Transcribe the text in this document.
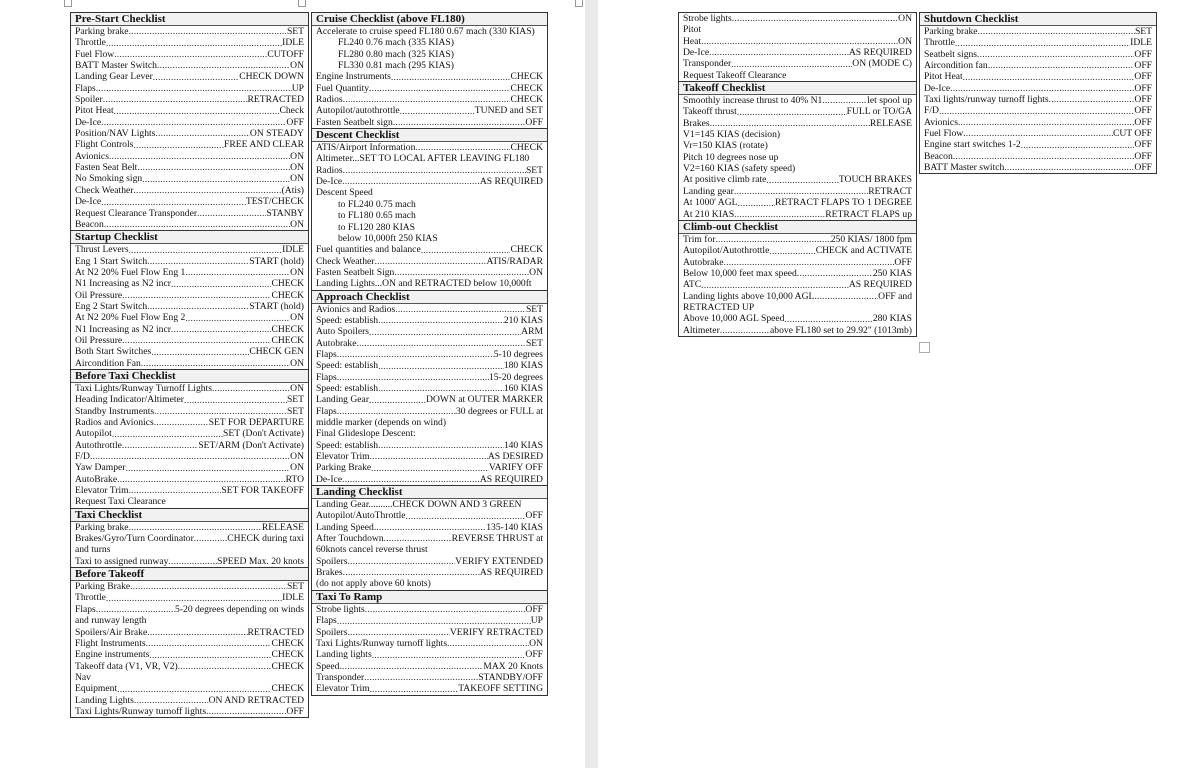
Pre-Start Checklist
Parking brake .....	SET
Throttle .....	IDLE
Fuel Flow .....	CUTOFF
BATT Master Switch .....	ON
Landing Gear Lever .....	CHECK DOWN
Flaps .....	UP
Spoiler .....	RETRACTED
Pitot Heat .....	Check
De-Ice .....	OFF
Position/NAV Lights .....	ON STEADY
Flight Controls .....	FREE AND CLEAR
Avionics .....	ON
Fasten Seat Belt .....	ON
No Smoking sign .....	ON
Check Weather .....	(Atis)
De-Ice .....	TEST/CHECK
Request Clearance Transponder .....	STANBY
Beacon .....	ON
Startup Checklist
Thrust Levers .....	IDLE
Eng 1 Start Switch .....	START (hold)
At N2 20% Fuel Flow Eng 1 .....	ON
N1 Increasing as N2 incr .....	CHECK
Oil Pressure .....	CHECK
Eng 2 Start Switch .....	START (hold)
At N2 20% Fuel Flow Eng 2 .....	ON
N1 Increasing as N2 incr .....	CHECK
Oil Pressure .....	CHECK
Both Start Switches .....	CHECK GEN
Aircondition Fan .....	ON
Before Taxi Checklist
Taxi Lights/Runway Turnoff Lights .....	ON
Heading Indicator/Altimeter .....	SET
Standby Instruments .....	SET
Radios and Avionics .....	SET FOR DEPARTURE
Autopilot .....	SET (Don't Activate)
Autothrottle .....	SET/ARM (Don't Activate)
F/D .....	ON
Yaw Damper .....	ON
AutoBrake .....	RTO
Elevator Trim .....	SET FOR TAKEOFF
Request Taxi Clearance
Taxi Checklist
Parking brake .....	RELEASE
Brakes/Gyro/Turn Coordinator .....	CHECK during taxi
and turns
Taxi to assigned runway .....	SPEED Max. 20 knots
Before Takeoff
Parking Brake .....	SET
Throttle .....	IDLE
Flaps .....	5-20 degrees depending on winds
and runway length
Spoilers/Air Brake .....	RETRACTED
Flight Instruments .....	CHECK
Engine instruments .....	CHECK
Takeoff data (V1, VR, V2) .....	CHECK
Nav
Equipment .....	CHECK
Landing Lights .....	ON AND RETRACTED
Taxi Lights/Runway turnoff lights .....	OFF
Cruise Checklist (above FL180)
Accelerate to cruise speed FL180 0.67 mach (330 KIAS)
FL240 0.76 mach (335 KIAS)
FL280 0.80 mach (325 KIAS)
FL330 0.81 mach (295 KIAS)
Engine Instruments .....	CHECK
Fuel Quantity .....	CHECK
Radios .....	CHECK
Autopilot/autothrottle .....	TUNED and SET
Fasten Seatbelt sign .....	OFF
Descent Checklist
ATIS/Airport Information .....	CHECK
Altimeter...SET TO LOCAL AFTER LEAVING FL180
Radios .....	SET
De-Ice .....	AS REQUIRED
Descent Speed
to FL240 0.75 mach
to FL180 0.65 mach
to FL120 280 KIAS
below 10,000ft 250 KIAS
Fuel quantities and balance .....	CHECK
Check Weather .....	ATIS/RADAR
Fasten Seatbelt Sign .....	ON
Landing Lights...ON and RETRACTED below 10,000ft
Approach Checklist
Avionics and Radios .....	SET
Speed: establish .....	210 KIAS
Auto Spoilers .....	ARM
Autobrake .....	SET
Flaps .....	5-10 degrees
Speed: establish .....	180 KIAS
Flaps .....	15-20 degrees
Speed: establish .....	160 KIAS
Landing Gear .....	DOWN at OUTER MARKER
Flaps .....	30 degrees or FULL at
middle marker (depends on wind)
Final Glideslope Descent:
Speed: establish .....	140 KIAS
Elevator Trim .....	AS DESIRED
Parking Brake .....	VARIFY OFF
De-Ice .....	AS REQUIRED
Landing Checklist
Landing Gear..........CHECK DOWN AND 3 GREEN
Autopilot/AutoThrottle .....	OFF
Landing Speed .....	135-140 KIAS
After Touchdown .....	REVERSE THRUST at
60knots cancel reverse thrust
Spoilers .....	VERIFY EXTENDED
Brakes .....	AS REQUIRED
(do not apply above 60 knots)
Taxi To Ramp
Strobe lights .....	OFF
Flaps .....	UP
Spoilers .....	VERIFY RETRACTED
Taxi Lights/Runway turnoff lights .....	ON
Landing lights .....	OFF
Speed .....	MAX 20 Knots
Transponder .....	STANDBY/OFF
Elevator Trim .....	TAKEOFF SETTING
Strobe lights .....	ON
Pitot
Heat .....	ON
De-Ice .....	AS REQUIRED
Transponder .....	ON (MODE C)
Request Takeoff Clearance
Takeoff Checklist
Smoothly increase thrust to 40% N1 .....	let spool up
Takeoff thrust .....	FULL or TO/GA
Brakes .....	RELEASE
V1=145 KIAS (decision)
Vr=150 KIAS (rotate)
Pitch 10 degrees nose up
V2=160 KIAS (safety speed)
At positive climb rate .....	TOUCH BRAKES
Landing gear .....	RETRACT
At 1000' AGL .....	RETRACT FLAPS TO 1 DEGREE
At 210 KIAS .....	RETRACT FLAPS up
Climb-out Checklist
Trim for .....	250 KIAS/ 1800 fpm
Autopilot/Autothrottle .....	CHECK and ACTIVATE
Autobrake .....	OFF
Below 10,000 feet max speed .....	250 KIAS
ATC .....	AS REQUIRED
Landing lights above 10,000 AGL .....	OFF and
RETRACTED UP
Above 10,000 AGL Speed .....	280 KIAS
Altimeter .....	above FL180 set to 29.92" (1013mb)
Shutdown Checklist
Parking brake .....	SET
Throttle .....	IDLE
Seatbelt signs .....	OFF
Aircondition fan .....	OFF
Pitot Heat .....	OFF
De-Ice .....	OFF
Taxi lights/runway turnoff lights .....	OFF
F/D .....	OFF
Avionics .....	OFF
Fuel Flow .....	CUT OFF
Engine start switches 1-2 .....	OFF
Beacon .....	OFF
BATT Master switch .....	OFF
